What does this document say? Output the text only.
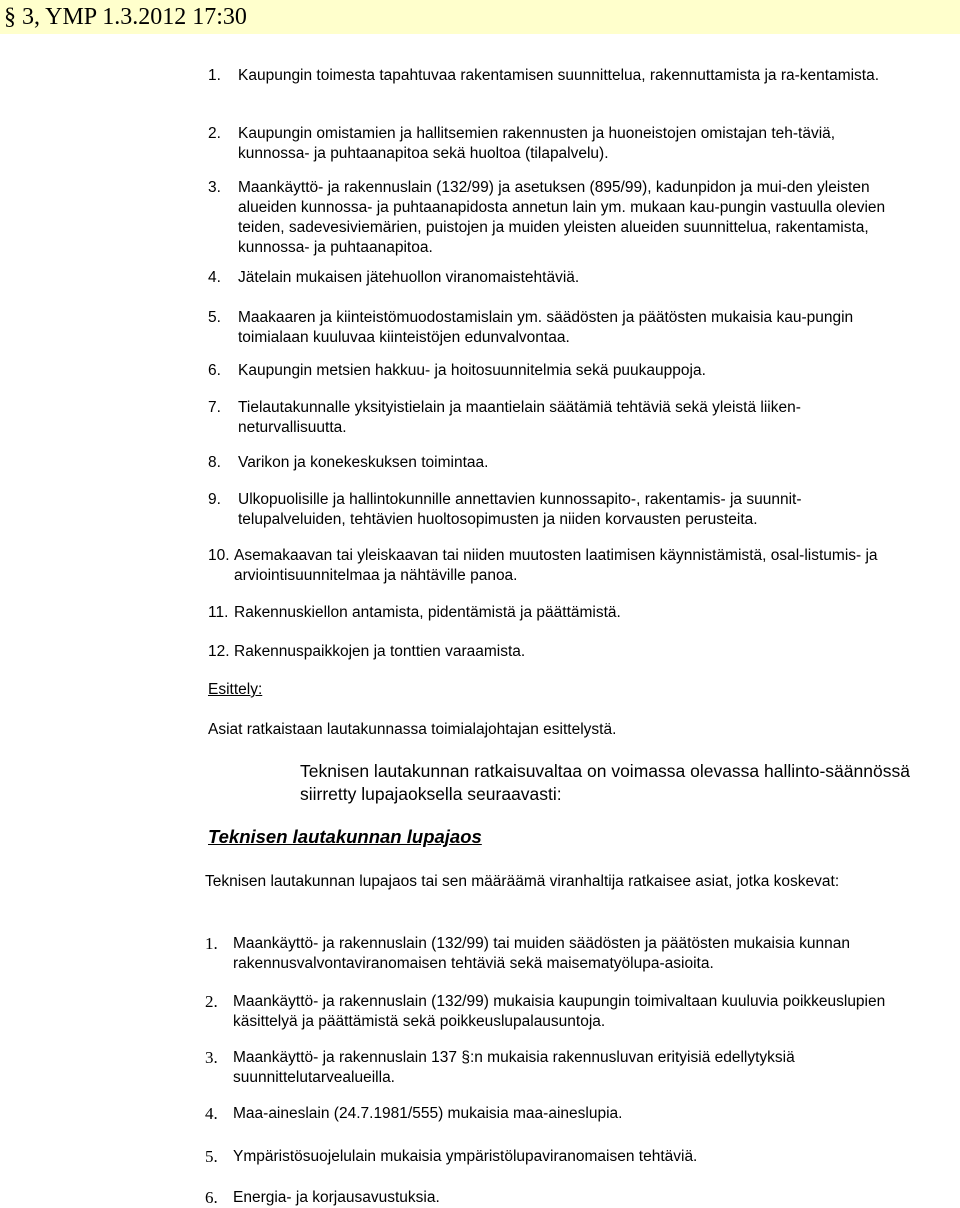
§ 3, YMP 1.3.2012 17:30
1. Kaupungin toimesta tapahtuvaa rakentamisen suunnittelua, rakennuttamista ja ra-kentamista.
2. Kaupungin omistamien ja hallitsemien rakennusten ja huoneistojen omistajan teh-täviä, kunnossa- ja puhtaanapitoa sekä huoltoa (tilapalvelu).
3. Maankäyttö- ja rakennuslain (132/99) ja asetuksen (895/99), kadunpidon ja mui-den yleisten alueiden kunnossa- ja puhtaanapidosta annetun lain ym. mukaan kau-pungin vastuulla olevien teiden, sadevesiviemärien, puistojen ja muiden yleisten alueiden suunnittelua, rakentamista, kunnossa- ja puhtaanapitoa.
4. Jätelain mukaisen jätehuollon viranomaistehtäviä.
5. Maakaaren ja kiinteistömuodostamislain ym. säädösten ja päätösten mukaisia kau-pungin toimialaan kuuluvaa kiinteistöjen edunvalvontaa.
6. Kaupungin metsien hakkuu- ja hoitosuunnitelmia sekä puukauppoja.
7. Tielautakunnalle yksityistielain ja maantielain säätämiä tehtäviä sekä yleistä liiken-neturvallisuutta.
8. Varikon ja konekeskuksen toimintaa.
9. Ulkopuolisille ja hallintokunnille annettavien kunnossapito-, rakentamis- ja suunnit-telupalveluiden, tehtävien huoltosopimusten ja niiden korvausten perusteita.
10. Asemakaavan tai yleiskaavan tai niiden muutosten laatimisen käynnistämistä, osal-listumis- ja arviointisuunnitelmaa ja nähtäville panoa.
11. Rakennuskiellon antamista, pidentämistä ja päättämistä.
12. Rakennuspaikkojen ja tonttien varaamista.
Esittely:
Asiat ratkaistaan lautakunnassa toimialajohtajan esittelystä.
Teknisen lautakunnan ratkaisuvaltaa on voimassa olevassa hallinto-säännössä siirretty lupajaoksella seuraavasti:
Teknisen lautakunnan lupajaos
Teknisen lautakunnan lupajaos tai sen määräämä viranhaltija ratkaisee asiat, jotka koskevat:
1. Maankäyttö- ja rakennuslain (132/99) tai muiden säädösten ja päätösten mukaisia kunnan rakennusvalvontaviranomaisen tehtäviä sekä maisematyölupa-asioita.
2. Maankäyttö- ja rakennuslain (132/99) mukaisia kaupungin toimivaltaan kuuluvia poikkeuslupien käsittelyä ja päättämistä sekä poikkeuslupalausuntoja.
3. Maankäyttö- ja rakennuslain 137 §:n mukaisia rakennusluvan erityisiä edellytyksiä suunnittelutarvealueilla.
4. Maa-aineslain (24.7.1981/555) mukaisia maa-aineslupia.
5. Ympäristösuojelulain mukaisia ympäristölupaviranomaisen tehtäviä.
6. Energia- ja korjausavustuksia.
